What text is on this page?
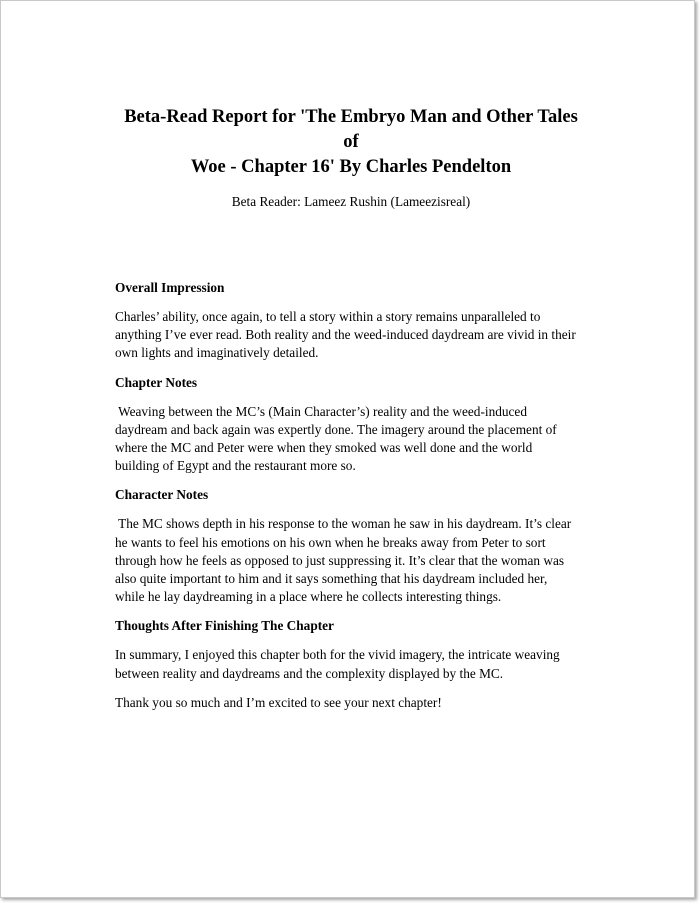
Beta-Read Report for 'The Embryo Man and Other Tales of
Woe - Chapter 16' By Charles Pendelton
Beta Reader: Lameez Rushin (Lameezisreal)
Overall Impression

Charles’ ability, once again, to tell a story within a story remains unparalleled to
anything I’ve ever read. Both reality and the weed-induced daydream are vivid in their
own lights and imaginatively detailed.

Chapter Notes

Weaving between the MC’s (Main Character’s) reality and the weed-induced
daydream and back again was expertly done. The imagery around the placement of
where the MC and Peter were when they smoked was well done and the world
building of Egypt and the restaurant more so.

Character Notes

The MC shows depth in his response to the woman he saw in his daydream. It’s clear
he wants to feel his emotions on his own when he breaks away from Peter to sort
through how he feels as opposed to just suppressing it. It’s clear that the woman was
also quite important to him and it says something that his daydream included her,
while he lay daydreaming in a place where he collects interesting things.

Thoughts After Finishing The Chapter

In summary, I enjoyed this chapter both for the vivid imagery, the intricate weaving
between reality and daydreams and the complexity displayed by the MC.

Thank you so much and I’m excited to see your next chapter!
